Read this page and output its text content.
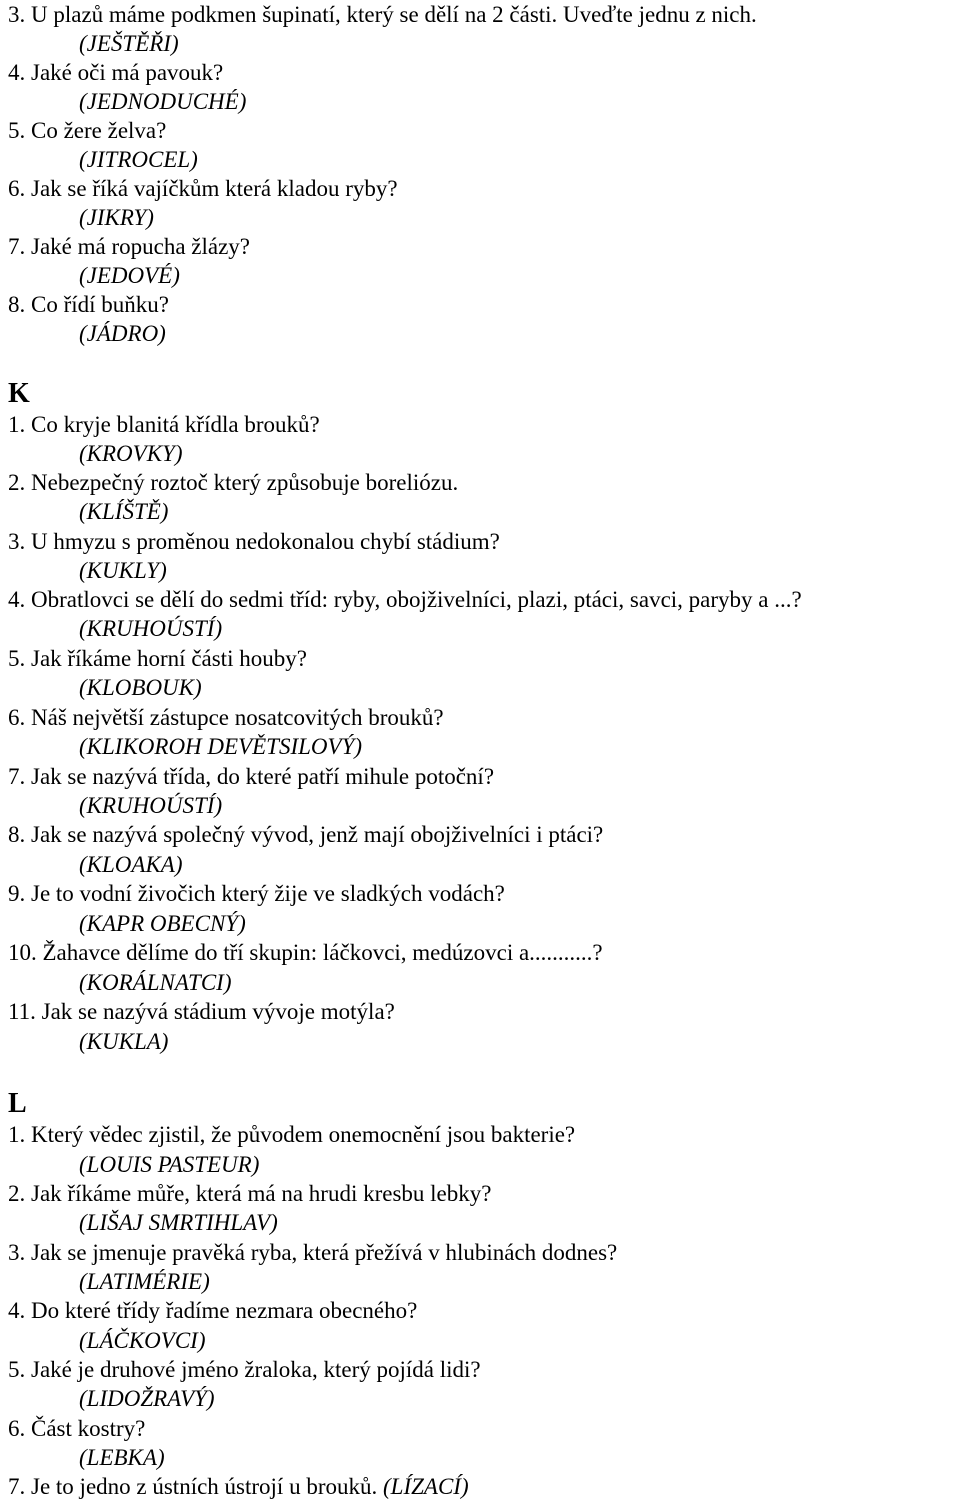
3. U plazů máme podkmen šupinatí, který se dělí na 2 části. Uveďte jednu z nich.
(JEŠTĚŘI)
4. Jaké oči má pavouk?
(JEDNODUCHÉ)
5. Co žere želva?
(JITROCEL)
6. Jak se říká vajíčkům která kladou ryby?
(JIKRY)
7. Jaké má ropucha žlázy?
(JEDOVÉ)
8. Co řídí buňku?
(JÁDRO)
K
1. Co kryje blanitá křídla brouků?
(KROVKY)
2. Nebezpečný roztoč který způsobuje boreliózu.
(KLÍŠTĚ)
3. U hmyzu s proměnou nedokonalou chybí stádium?
(KUKLY)
4. Obratlovci se dělí do sedmi tříd: ryby, obojživelníci, plazi, ptáci, savci, paryby a ...?
(KRUHOÚSTÍ)
5. Jak říkáme horní části houby?
(KLOBOUK)
6. Náš největší zástupce nosatcovitých brouků?
(KLIKOROH DEVĚTSILOVÝ)
7. Jak se nazývá třída, do které patří mihule potoční?
(KRUHOÚSTÍ)
8. Jak se nazývá společný vývod, jenž mají obojživelníci i ptáci?
(KLOAKA)
9. Je to vodní živočich který žije ve sladkých vodách?
(KAPR OBECNÝ)
10. Žahavce dělíme do tří skupin: láčkovci, medúzovci a...........?
(KORÁLNATCI)
11. Jak se nazývá stádium vývoje motýla?
(KUKLA)
L
1. Který vědec zjistil, že původem onemocnění jsou bakterie?
(LOUIS PASTEUR)
2. Jak říkáme můře, která má na hrudi kresbu lebky?
(LIŠAJ SMRTIHLAV)
3. Jak se jmenuje pravěká ryba, která přežívá v hlubinách dodnes?
(LATIMÉRIE)
4. Do které třídy řadíme nezmara obecného?
(LÁČKOVCI)
5. Jaké je druhové jméno žraloka, který pojídá lidi?
(LIDOŽRAVÝ)
6. Část kostry?
(LEBKA)
7. Je to jedno z ústních ústrojí u brouků. (LÍZACÍ)
